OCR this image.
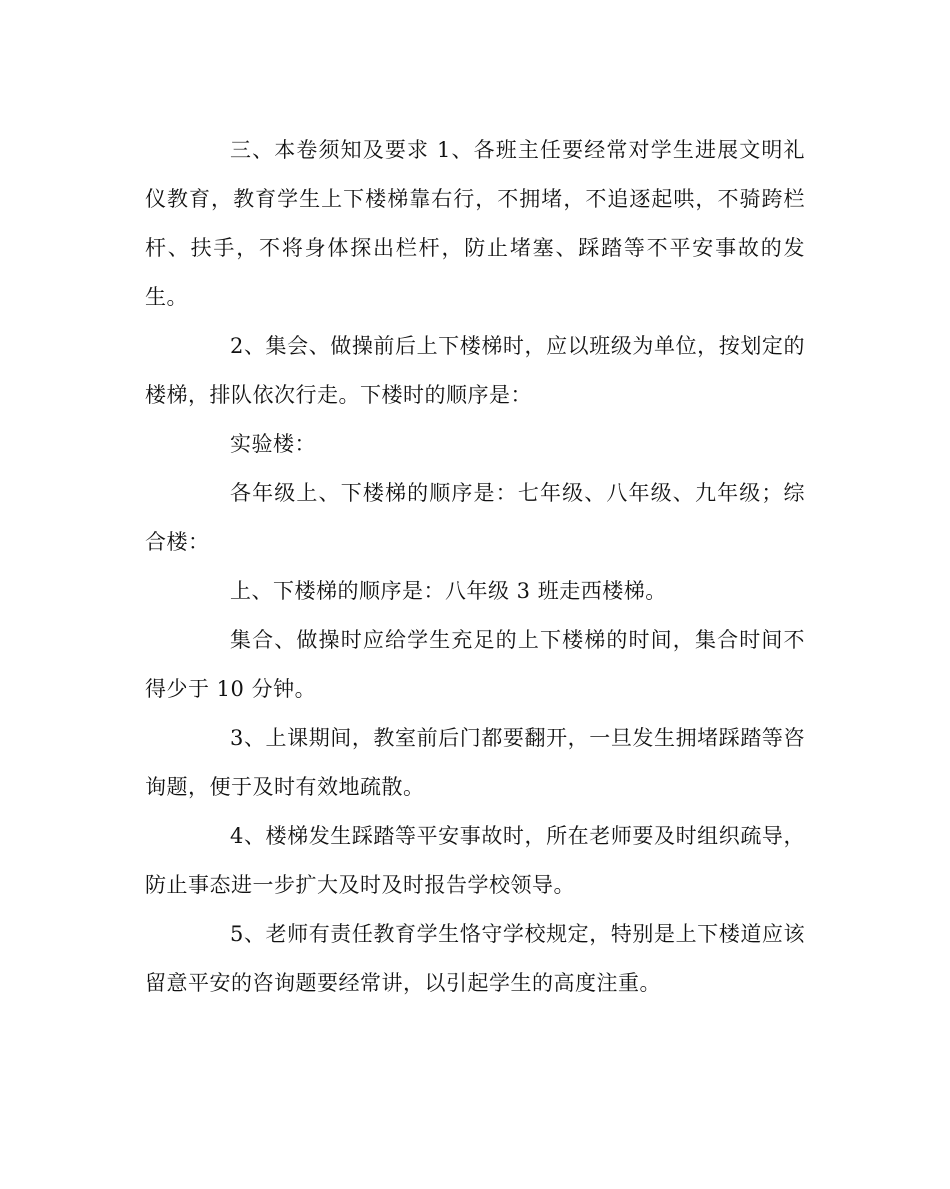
三、本卷须知及要求 1、各班主任要经常对学生进展文明礼仪教育，教育学生上下楼梯靠右行，不拥堵，不追逐起哄，不骑跨栏杆、扶手，不将身体探出栏杆，防止堵塞、踩踏等不平安事故的发生。

2、集会、做操前后上下楼梯时，应以班级为单位，按划定的楼梯，排队依次行走。下楼时的顺序是：

实验楼：

各年级上、下楼梯的顺序是：七年级、八年级、九年级；综合楼：

上、下楼梯的顺序是：八年级 3 班走西楼梯。

集合、做操时应给学生充足的上下楼梯的时间，集合时间不得少于 10 分钟。

3、上课期间，教室前后门都要翻开，一旦发生拥堵踩踏等咨询题，便于及时有效地疏散。

4、楼梯发生踩踏等平安事故时，所在老师要及时组织疏导，防止事态进一步扩大及时及时报告学校领导。

5、老师有责任教育学生恪守学校规定，特别是上下楼道应该留意平安的咨询题要经常讲，以引起学生的高度注重。
